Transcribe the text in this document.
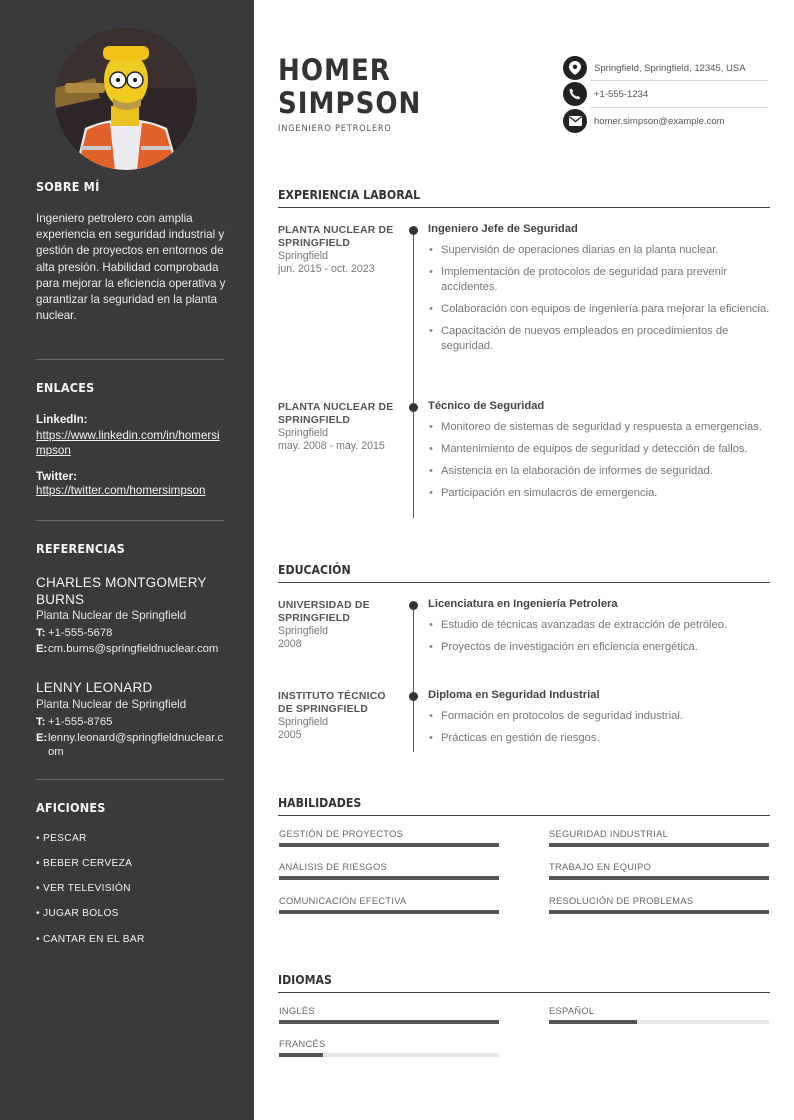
SOBRE MÍ

Ingeniero petrolero con amplia experiencia en seguridad industrial y gestión de proyectos en entornos de alta presión. Habilidad comprobada para mejorar la eficiencia operativa y garantizar la seguridad en la planta nuclear.

ENLACES
LinkedIn:
https://www.linkedin.com/in/homersimpson
Twitter:
https://twitter.com/homersimpson
REFERENCIAS
CHARLES MONTGOMERY BURNS
Planta Nuclear de Springfield
T: +1-555-5678
E: cm.burns@springfieldnuclear.com
LENNY LEONARD
Planta Nuclear de Springfield
T: +1-555-8765
E: lenny.leonard@springfieldnuclear.com
AFICIONES
• PESCAR
• BEBER CERVEZA
• VER TELEVISIÓN
• JUGAR BOLOS
• CANTAR EN EL BAR
HOMER
SIMPSON
INGENIERO PETROLERO
Springfield, Springfield, 12345, USA
+1-555-1234
homer.simpson@example.com
EXPERIENCIA LABORAL
PLANTA NUCLEAR DE SPRINGFIELD
Springfield
jun. 2015 - oct. 2023
Ingeniero Jefe de Seguridad
• Supervisión de operaciones diarias en la planta nuclear.
• Implementación de protocolos de seguridad para prevenir accidentes.
• Colaboración con equipos de ingeniería para mejorar la eficiencia.
• Capacitación de nuevos empleados en procedimientos de seguridad.
PLANTA NUCLEAR DE SPRINGFIELD
Springfield
may. 2008 - may. 2015
Técnico de Seguridad
• Monitoreo de sistemas de seguridad y respuesta a emergencias.
• Mantenimiento de equipos de seguridad y detección de fallos.
• Asistencia en la elaboración de informes de seguridad.
• Participación en simulacros de emergencia.
EDUCACIÓN
UNIVERSIDAD DE SPRINGFIELD
Springfield
2008
Licenciatura en Ingeniería Petrolera
• Estudio de técnicas avanzadas de extracción de petróleo.
• Proyectos de investigación en eficiencia energética.
INSTITUTO TÉCNICO DE SPRINGFIELD
Springfield
2005
Diploma en Seguridad Industrial
• Formación en protocolos de seguridad industrial.
• Prácticas en gestión de riesgos.
HABILIDADES
GESTIÓN DE PROYECTOS	SEGURIDAD INDUSTRIAL
ANÁLISIS DE RIESGOS	TRABAJO EN EQUIPO
COMUNICACIÓN EFECTIVA	RESOLUCIÓN DE PROBLEMAS
IDIOMAS
INGLÉS	ESPAÑOL
FRANCÉS
